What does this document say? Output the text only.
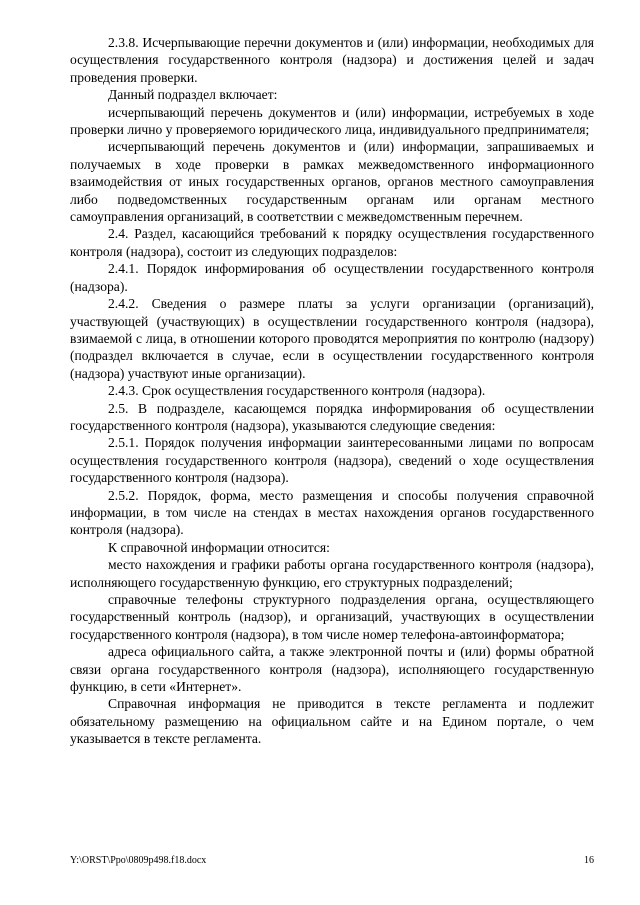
2.3.8. Исчерпывающие перечни документов и (или) информации, необходимых для осуществления государственного контроля (надзора) и достижения целей и задач проведения проверки.

Данный подраздел включает:

исчерпывающий перечень документов и (или) информации, истребуемых в ходе проверки лично у проверяемого юридического лица, индивидуального предпринимателя;

исчерпывающий перечень документов и (или) информации, запрашиваемых и получаемых в ходе проверки в рамках межведомственного информационного взаимодействия от иных государственных органов, органов местного самоуправления либо подведомственных государственным органам или органам местного самоуправления организаций, в соответствии с межведомственным перечнем.

2.4. Раздел, касающийся требований к порядку осуществления государственного контроля (надзора), состоит из следующих подразделов:

2.4.1. Порядок информирования об осуществлении государственного контроля (надзора).

2.4.2. Сведения о размере платы за услуги организации (организаций), участвующей (участвующих) в осуществлении государственного контроля (надзора), взимаемой с лица, в отношении которого проводятся мероприятия по контролю (надзору) (подраздел включается в случае, если в осуществлении государственного контроля (надзора) участвуют иные организации).

2.4.3. Срок осуществления государственного контроля (надзора).

2.5. В подразделе, касающемся порядка информирования об осуществлении государственного контроля (надзора), указываются следующие сведения:

2.5.1. Порядок получения информации заинтересованными лицами по вопросам осуществления государственного контроля (надзора), сведений о ходе осуществления государственного контроля (надзора).

2.5.2. Порядок, форма, место размещения и способы получения справочной информации, в том числе на стендах в местах нахождения органов государственного контроля (надзора).

К справочной информации относится:

место нахождения и графики работы органа государственного контроля (надзора), исполняющего государственную функцию, его структурных подразделений;

справочные телефоны структурного подразделения органа, осуществляющего государственный контроль (надзор), и организаций, участвующих в осуществлении государственного контроля (надзора), в том числе номер телефона-автоинформатора;

адреса официального сайта, а также электронной почты и (или) формы обратной связи органа государственного контроля (надзора), исполняющего государственную функцию, в сети «Интернет».

Справочная информация не приводится в тексте регламента и подлежит обязательному размещению на официальном сайте и на Едином портале, о чем указывается в тексте регламента.

Y:\ORST\Ppo\0809p498.f18.docx	16
